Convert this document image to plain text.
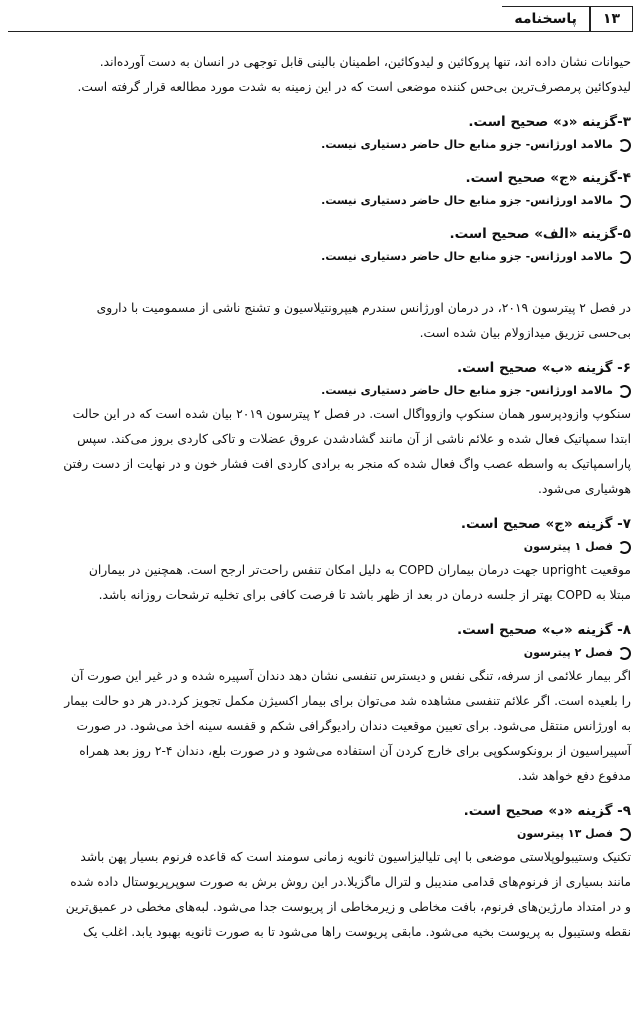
۱۳
پاسخنامه

حیوانات نشان داده اند، تنها پروکائین و لیدوکائین، اطمینان بالینی قابل توجهی در انسان به دست آورده‌اند.

لیدوکائین پرمصرف‌ترین بی‌حس کننده موضعی است که در این زمینه به شدت مورد مطالعه قرار گرفته است.

۳-گزینه «د» صحیح است.
مالامد اورژانس- جزو منابع حال حاضر دستیاری نیست.
۴-گزینه «ج» صحیح است.
مالامد اورژانس- جزو منابع حال حاضر دستیاری نیست.
۵-گزینه «الف» صحیح است.
مالامد اورژانس- جزو منابع حال حاضر دستیاری نیست.

در فصل ۲ پیترسون ۲۰۱۹، در درمان اورژانس سندرم هیپرونتیلاسیون و تشنج ناشی از مسمومیت با داروی

بی‌حسی تزریق میدازولام بیان شده است.

۶- گزینه «ب» صحیح است.
مالامد اورژانس- جزو منابع حال حاضر دستیاری نیست.

سنکوپ وازودپرسور همان سنکوپ وازوواگال است. در فصل ۲ پیترسون ۲۰۱۹ بیان شده است که در این حالت

ابتدا سمپاتیک فعال شده و علائم ناشی از آن مانند گشادشدن عروق عضلات و تاکی کاردی بروز می‌کند. سپس

پاراسمپاتیک به واسطه عصب واگ فعال شده که منجر به برادی کاردی افت فشار خون و در نهایت از دست رفتن

هوشیاری می‌شود.

۷- گزینه «ج» صحیح است.
فصل ۱ پیترسون

موقعیت upright جهت درمان بیماران COPD به دلیل امکان تنفس راحت‌تر ارجح است. همچنین در بیماران

مبتلا به COPD بهتر از جلسه درمان در بعد از ظهر باشد تا فرصت کافی برای تخلیه ترشحات روزانه باشد.

۸- گزینه «ب» صحیح است.
فصل ۲ پیترسون

اگر بیمار علائمی از سرفه، تنگی نفس و دیسترس تنفسی نشان دهد دندان آسپیره شده و در غیر این صورت آن

را بلعیده است. اگر علائم تنفسی مشاهده شد می‌توان برای بیمار اکسیژن مکمل تجویز کرد.در هر دو حالت بیمار

به اورژانس منتقل می‌شود. برای تعیین موقعیت دندان رادیوگرافی شکم و قفسه سینه اخذ می‌شود. در صورت

آسپیراسیون از برونکوسکوپی برای خارج کردن آن استفاده می‌شود و در صورت بلع، دندان ۴-۲ روز بعد همراه

مدفوع دفع خواهد شد.

۹- گزینه «د» صحیح است.
فصل ۱۳ پیترسون

تکنیک وستیبولوپلاستی موضعی با اپی تلیالیزاسیون ثانویه زمانی سومند است که قاعده فرنوم بسیار پهن باشد

مانند بسیاری از فرنوم‌های قدامی مندیبل و لترال ماگزیلا.در این روش برش به صورت سوپرپریوستال داده شده

و در امتداد مارژین‌های فرنوم، بافت مخاطی و زیرمخاطی از پریوست جدا می‌شود. لبه‌های مخطی در عمیق‌ترین

نقطه وستیبول به پریوست بخیه می‌شود. مابقی پریوست راها می‌شود تا به صورت ثانویه بهبود یابد. اغلب یک
